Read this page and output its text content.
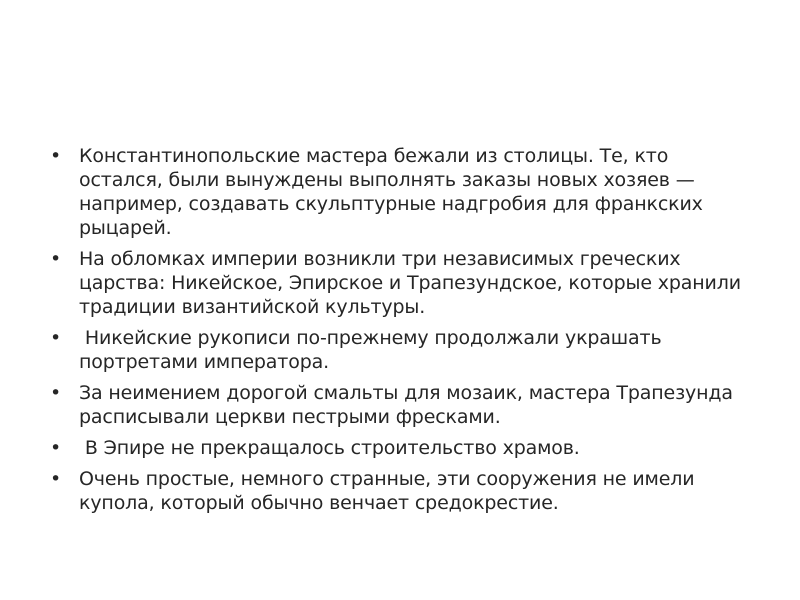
• Константинопольские мастера бежали из столицы. Те, кто остался, были вынуждены выполнять заказы новых хозяев — например, создавать скульптурные надгробия для франкских рыцарей.
• На обломках империи возникли три независимых греческих царства: Никейское, Эпирское и Трапезундское, которые хранили традиции византийской культуры.
• Никейские рукописи по-прежнему продолжали украшать портретами императора.
• За неимением дорогой смальты для мозаик, мастера Трапезунда расписывали церкви пестрыми фресками.
• В Эпире не прекращалось строительство храмов.
• Очень простые, немного странные, эти сооружения не имели купола, который обычно венчает средокрестие.
